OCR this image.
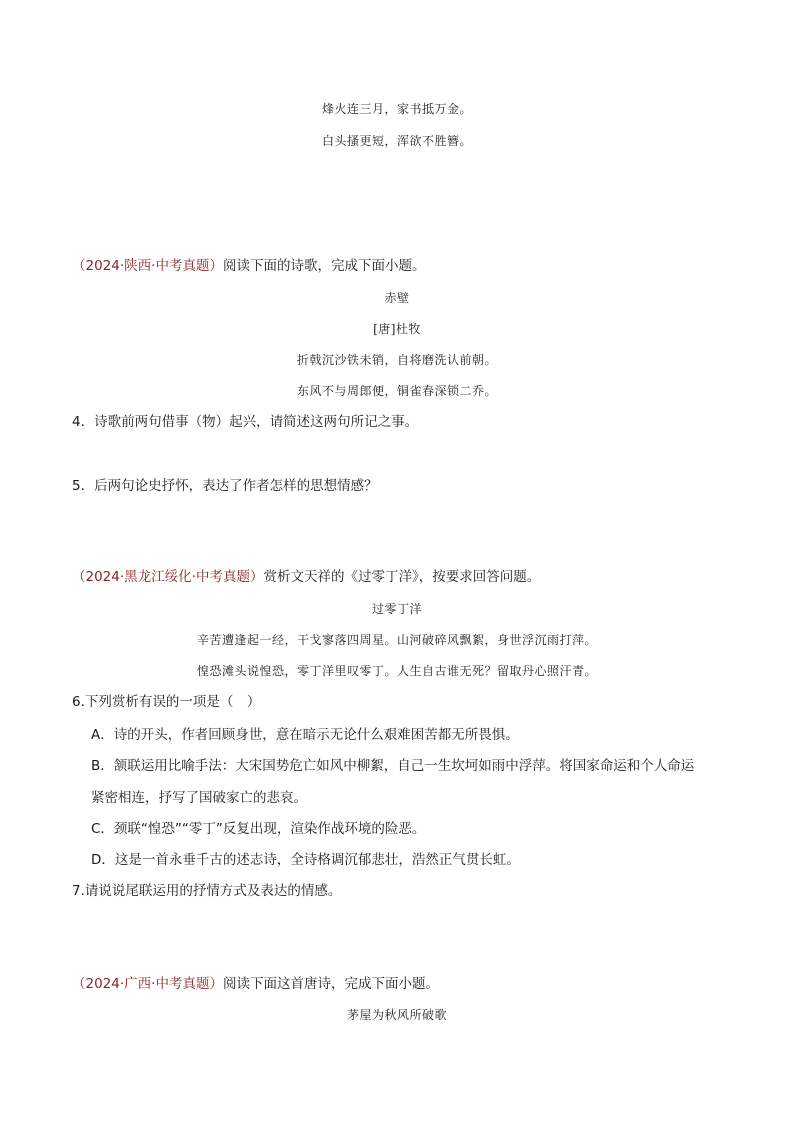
烽火连三月，家书抵万金。
白头搔更短，浑欲不胜簪。
（2024·陕西·中考真题）阅读下面的诗歌，完成下面小题。
赤壁
[唐]杜牧
折戟沉沙铁未销，自将磨洗认前朝。
东风不与周郎便，铜雀春深锁二乔。
4．诗歌前两句借事（物）起兴，请简述这两句所记之事。
5．后两句论史抒怀，表达了作者怎样的思想情感？
（2024·黑龙江绥化·中考真题）赏析文天祥的《过零丁洋》，按要求回答问题。
过零丁洋
辛苦遭逢起一经，干戈寥落四周星。山河破碎风飘絮，身世浮沉雨打萍。
惶恐滩头说惶恐，零丁洋里叹零丁。人生自古谁无死？留取丹心照汗青。
6.下列赏析有误的一项是（　）
A．诗的开头，作者回顾身世，意在暗示无论什么艰难困苦都无所畏惧。
B．颔联运用比喻手法：大宋国势危亡如风中柳絮，自己一生坎坷如雨中浮萍。将国家命运和个人命运
紧密相连，抒写了国破家亡的悲哀。
C．颈联“惶恐”“零丁”反复出现，渲染作战环境的险恶。
D．这是一首永垂千古的述志诗，全诗格调沉郁悲壮，浩然正气贯长虹。
7.请说说尾联运用的抒情方式及表达的情感。
（2024·广西·中考真题）阅读下面这首唐诗，完成下面小题。
茅屋为秋风所破歌
